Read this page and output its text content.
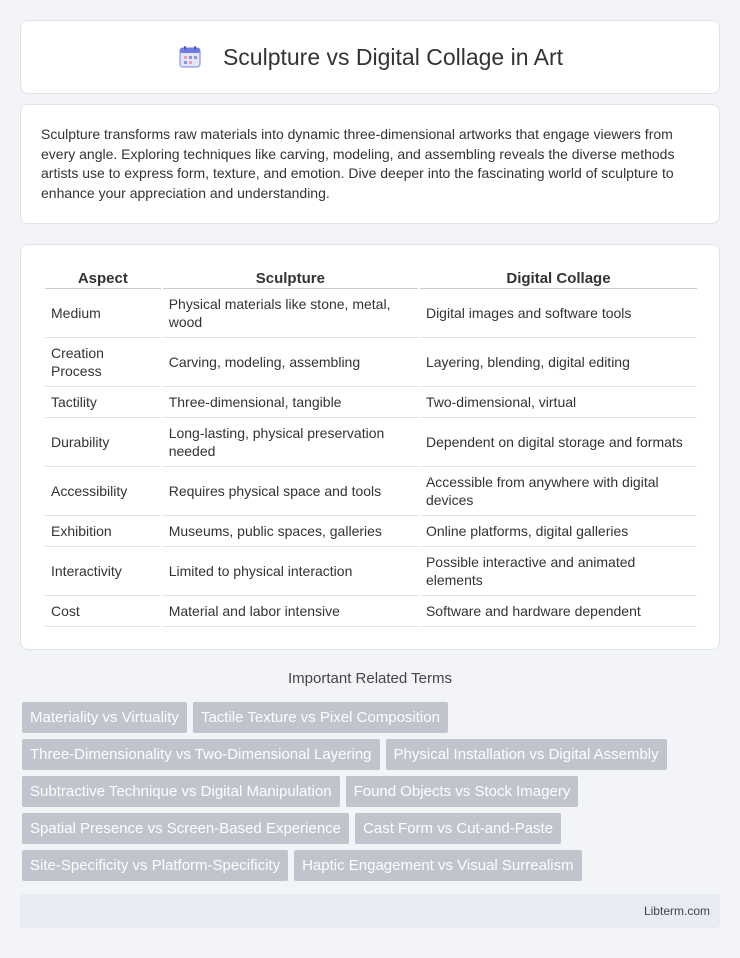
Sculpture vs Digital Collage in Art

Sculpture transforms raw materials into dynamic three-dimensional artworks that engage viewers from every angle. Exploring techniques like carving, modeling, and assembling reveals the diverse methods artists use to express form, texture, and emotion. Dive deeper into the fascinating world of sculpture to enhance your appreciation and understanding.

Aspect	Sculpture	Digital Collage
Medium	Physical materials like stone, metal, wood	Digital images and software tools
Creation Process	Carving, modeling, assembling	Layering, blending, digital editing
Tactility	Three-dimensional, tangible	Two-dimensional, virtual
Durability	Long-lasting, physical preservation needed	Dependent on digital storage and formats
Accessibility	Requires physical space and tools	Accessible from anywhere with digital devices
Exhibition	Museums, public spaces, galleries	Online platforms, digital galleries
Interactivity	Limited to physical interaction	Possible interactive and animated elements
Cost	Material and labor intensive	Software and hardware dependent
Important Related Terms
Materiality vs Virtuality	Tactile Texture vs Pixel Composition
Three-Dimensionality vs Two-Dimensional Layering	Physical Installation vs Digital Assembly
Subtractive Technique vs Digital Manipulation	Found Objects vs Stock Imagery
Spatial Presence vs Screen-Based Experience	Cast Form vs Cut-and-Paste
Site-Specificity vs Platform-Specificity	Haptic Engagement vs Visual Surrealism
Libterm.com
